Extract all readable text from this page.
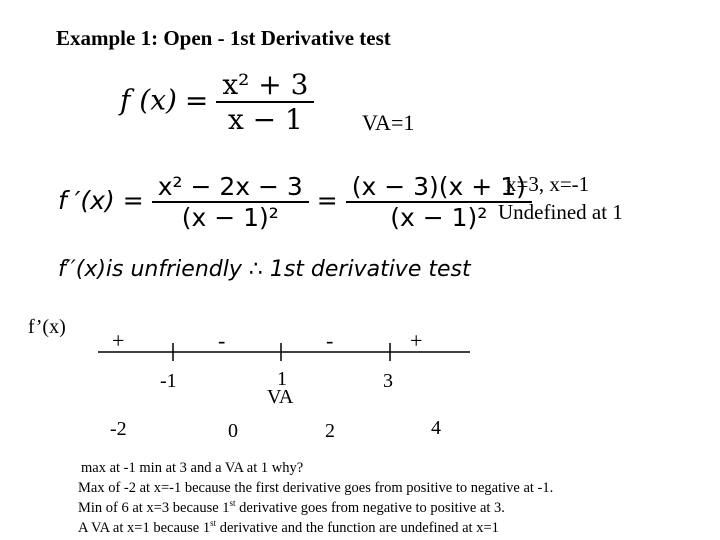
Example 1: Open - 1st Derivative test
f $(x) = \frac{\text{x² + 3}}{x - 1} VA=1$
f $'(x) = \frac{\text{x² − 2x − 3}}{\text{(x − 1)²}} = \frac{(x - 3)(x + 1)}{\text{(x − 1)²}}$
x=3, x=-1
Undefined at 1
f′′(x)is unfriendly ∴ 1st derivative test
f’(x)
+	-	-	+
-1	1
VA
3
-2	0	2	4
max at -1 min at 3 and a VA at 1 why?
Max of -2 at x=-1 because the first derivative goes from positive to negative at -1.
Min of 6 at x=3 because 1st derivative goes from negative to positive at 3.
A VA at x=1 because 1st derivative and the function are undefined at x=1
